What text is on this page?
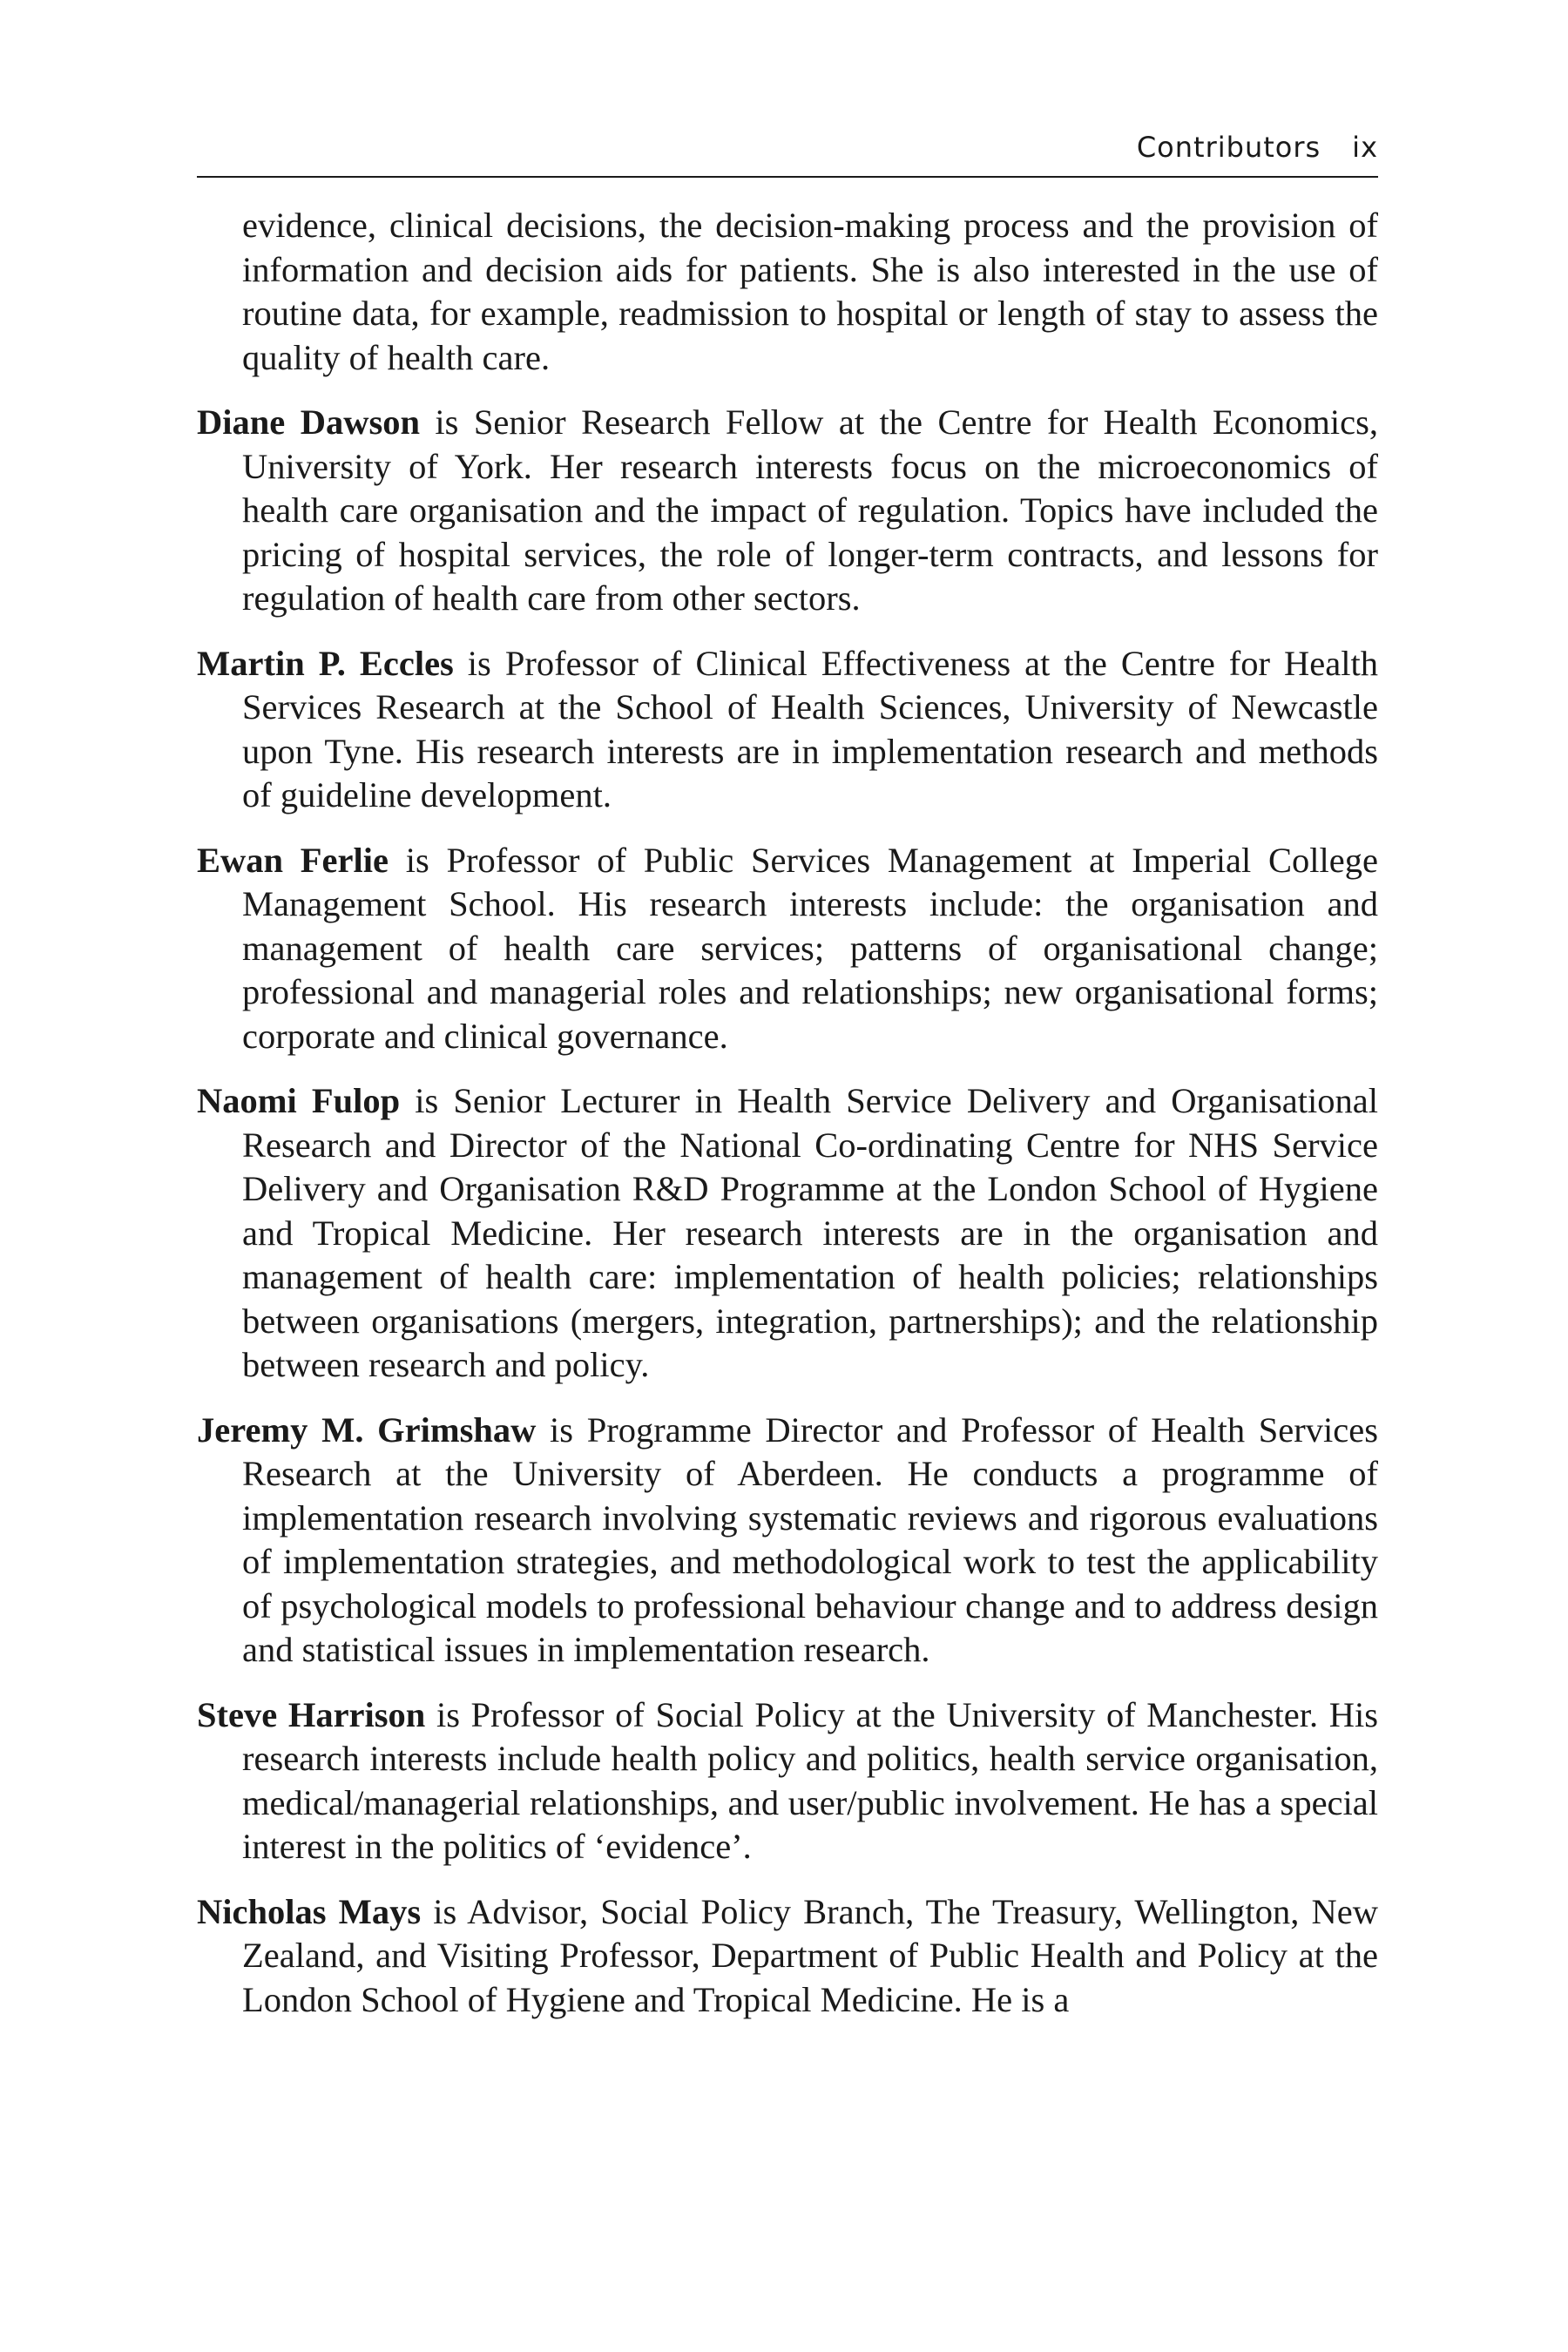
Contributors ix

evidence, clinical decisions, the decision-making process and the provision of information and decision aids for patients. She is also interested in the use of routine data, for example, readmission to hospital or length of stay to assess the quality of health care.

Diane Dawson is Senior Research Fellow at the Centre for Health Economics, University of York. Her research interests focus on the microeconomics of health care organisation and the impact of regulation. Topics have included the pricing of hospital services, the role of longer-term contracts, and lessons for regulation of health care from other sectors.

Martin P. Eccles is Professor of Clinical Effectiveness at the Centre for Health Services Research at the School of Health Sciences, University of Newcastle upon Tyne. His research interests are in implementation research and methods of guideline development.

Ewan Ferlie is Professor of Public Services Management at Imperial College Management School. His research interests include: the organisation and management of health care services; patterns of organisational change; professional and managerial roles and relationships; new organisational forms; corporate and clinical governance.

Naomi Fulop is Senior Lecturer in Health Service Delivery and Organisational Research and Director of the National Co-ordinating Centre for NHS Service Delivery and Organisation R&D Programme at the London School of Hygiene and Tropical Medicine. Her research interests are in the organisation and management of health care: implementation of health policies; relationships between organisations (mergers, integration, partnerships); and the relationship between research and policy.

Jeremy M. Grimshaw is Programme Director and Professor of Health Services Research at the University of Aberdeen. He conducts a programme of implementation research involving systematic reviews and rigorous evaluations of implementation strategies, and methodological work to test the applicability of psychological models to professional behaviour change and to address design and statistical issues in implementation research.

Steve Harrison is Professor of Social Policy at the University of Manchester. His research interests include health policy and politics, health service organisation, medical/managerial relationships, and user/public involvement. He has a special interest in the politics of ‘evidence’.

Nicholas Mays is Advisor, Social Policy Branch, The Treasury, Wellington, New Zealand, and Visiting Professor, Department of Public Health and Policy at the London School of Hygiene and Tropical Medicine. He is a
